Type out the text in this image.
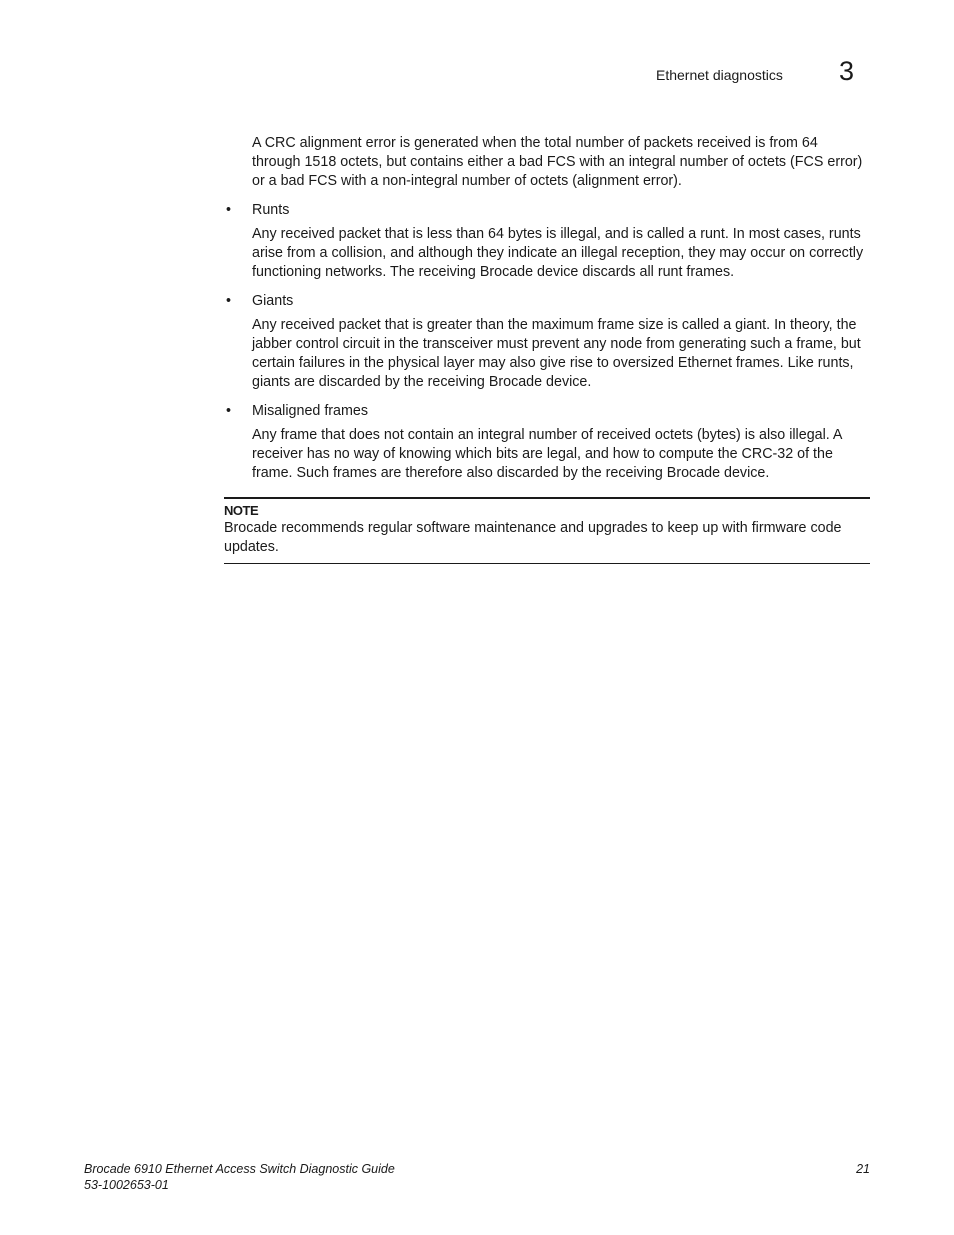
Ethernet diagnostics 3

A CRC alignment error is generated when the total number of packets received is from 64 through 1518 octets, but contains either a bad FCS with an integral number of octets (FCS error) or a bad FCS with a non-integral number of octets (alignment error).

• Runts

Any received packet that is less than 64 bytes is illegal, and is called a runt. In most cases, runts arise from a collision, and although they indicate an illegal reception, they may occur on correctly functioning networks. The receiving Brocade device discards all runt frames.

• Giants

Any received packet that is greater than the maximum frame size is called a giant. In theory, the jabber control circuit in the transceiver must prevent any node from generating such a frame, but certain failures in the physical layer may also give rise to oversized Ethernet frames. Like runts, giants are discarded by the receiving Brocade device.

• Misaligned frames

Any frame that does not contain an integral number of received octets (bytes) is also illegal. A receiver has no way of knowing which bits are legal, and how to compute the CRC-32 of the frame. Such frames are therefore also discarded by the receiving Brocade device.

NOTE
Brocade recommends regular software maintenance and upgrades to keep up with firmware code updates.
Brocade 6910 Ethernet Access Switch Diagnostic Guide
53-1002653-01
21
